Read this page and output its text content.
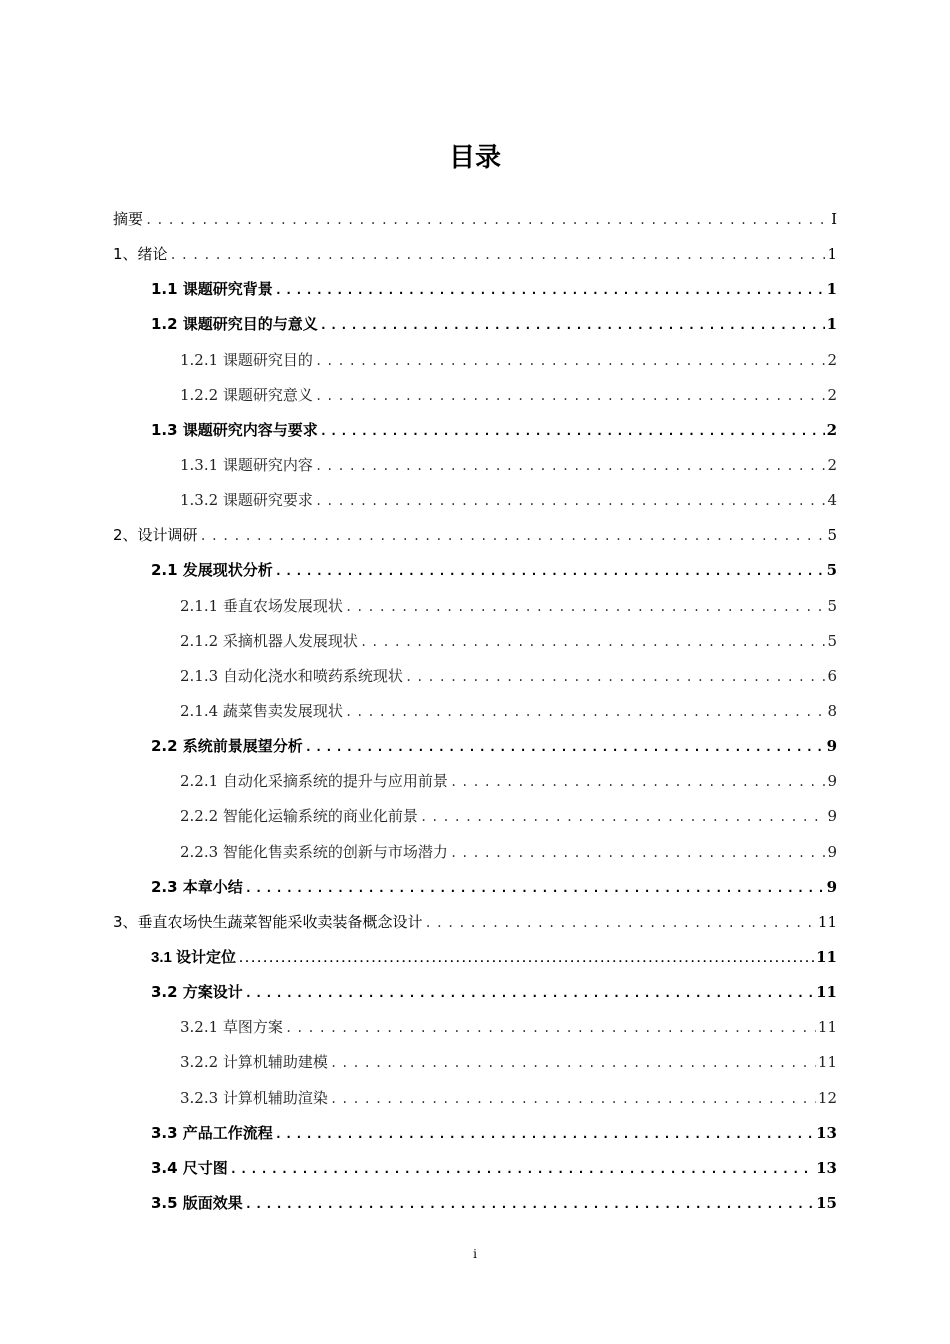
目录
摘要 .....	I
1、绪论 .....	1
1.1 课题研究背景 .....	1
1.2 课题研究目的与意义 .....	1
1.2.1 课题研究目的 .....	2
1.2.2 课题研究意义 .....	2
1.3 课题研究内容与要求 .....	2
1.3.1 课题研究内容 .....	2
1.3.2 课题研究要求 .....	4
2、设计调研 .....	5
2.1 发展现状分析 .....	5
2.1.1 垂直农场发展现状 .....	5
2.1.2 采摘机器人发展现状 .....	5
2.1.3 自动化浇水和喷药系统现状 .....	6
2.1.4 蔬菜售卖发展现状 .....	8
2.2 系统前景展望分析 .....	9
2.2.1 自动化采摘系统的提升与应用前景 .....	9
2.2.2 智能化运输系统的商业化前景 .....	9
2.2.3 智能化售卖系统的创新与市场潜力 .....	9
2.3 本章小结 .....	9
3、垂直农场快生蔬菜智能采收卖装备概念设计 .....	11
3.1 设计定位 .....	11
3.2 方案设计 .....	11
3.2.1 草图方案 .....	11
3.2.2 计算机辅助建模 .....	11
3.2.3 计算机辅助渲染 .....	12
3.3 产品工作流程 .....	13
3.4 尺寸图 .....	13
3.5 版面效果 .....	15
i
